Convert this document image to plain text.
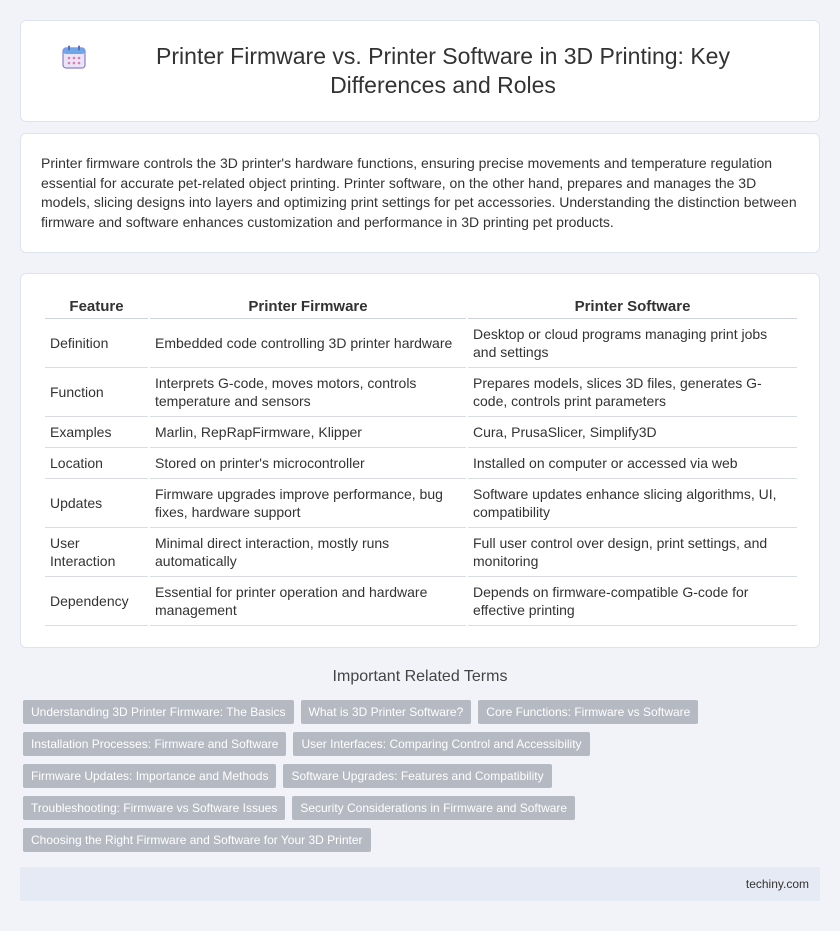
Printer Firmware vs. Printer Software in 3D Printing: Key Differences and Roles

Printer firmware controls the 3D printer's hardware functions, ensuring precise movements and temperature regulation essential for accurate pet-related object printing. Printer software, on the other hand, prepares and manages the 3D models, slicing designs into layers and optimizing print settings for pet accessories. Understanding the distinction between firmware and software enhances customization and performance in 3D printing pet products.

Feature	Printer Firmware	Printer Software
Definition	Embedded code controlling 3D printer hardware	Desktop or cloud programs managing print jobs and settings
Function	Interprets G-code, moves motors, controls temperature and sensors	Prepares models, slices 3D files, generates G-code, controls print parameters
Examples	Marlin, RepRapFirmware, Klipper	Cura, PrusaSlicer, Simplify3D
Location	Stored on printer's microcontroller	Installed on computer or accessed via web
Updates	Firmware upgrades improve performance, bug fixes, hardware support	Software updates enhance slicing algorithms, UI, compatibility
User Interaction	Minimal direct interaction, mostly runs automatically	Full user control over design, print settings, and monitoring
Dependency	Essential for printer operation and hardware management	Depends on firmware-compatible G-code for effective printing
Important Related Terms
Understanding 3D Printer Firmware: The Basics	What is 3D Printer Software?	Core Functions: Firmware vs Software
Installation Processes: Firmware and Software	User Interfaces: Comparing Control and Accessibility
Firmware Updates: Importance and Methods	Software Upgrades: Features and Compatibility
Troubleshooting: Firmware vs Software Issues	Security Considerations in Firmware and Software
Choosing the Right Firmware and Software for Your 3D Printer
techiny.com
